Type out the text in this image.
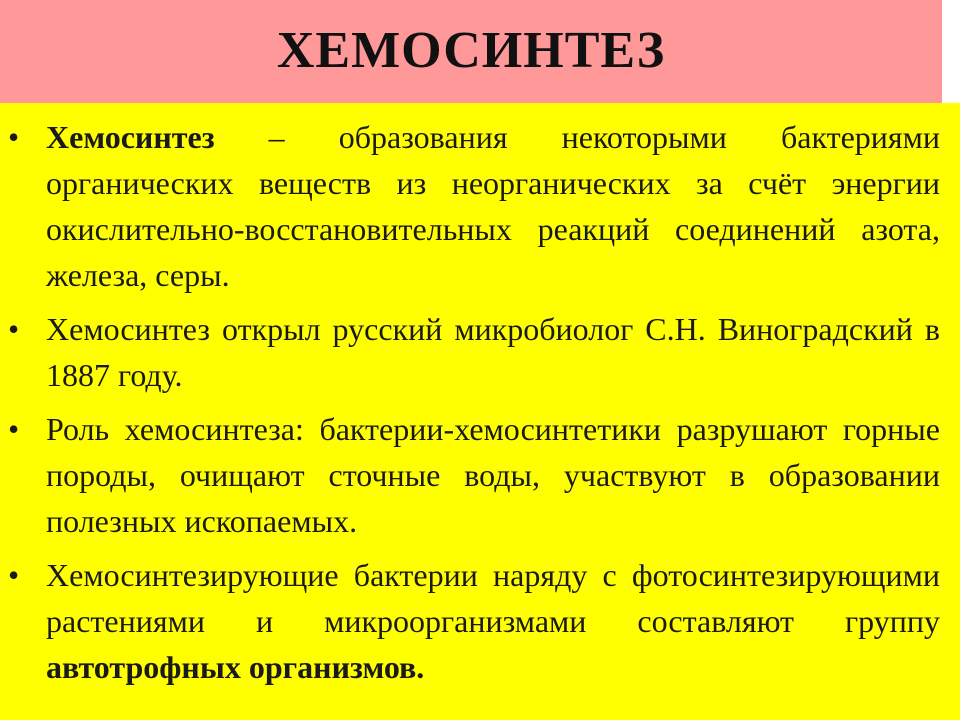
ХЕМОСИНТЕЗ
• Хемосинтез – образования некоторыми бактериями органических веществ из неорганических за счёт энергии окислительно-восстановительных реакций соединений азота, железа, серы.
• Хемосинтез открыл русский микробиолог С.Н. Виноградский в 1887 году.
• Роль хемосинтеза: бактерии-хемосинтетики разрушают горные породы, очищают сточные воды, участвуют в образовании полезных ископаемых.
• Хемосинтезирующие бактерии наряду с фотосинтезирующими растениями и микроорганизмами составляют группу автотрофных организмов.
